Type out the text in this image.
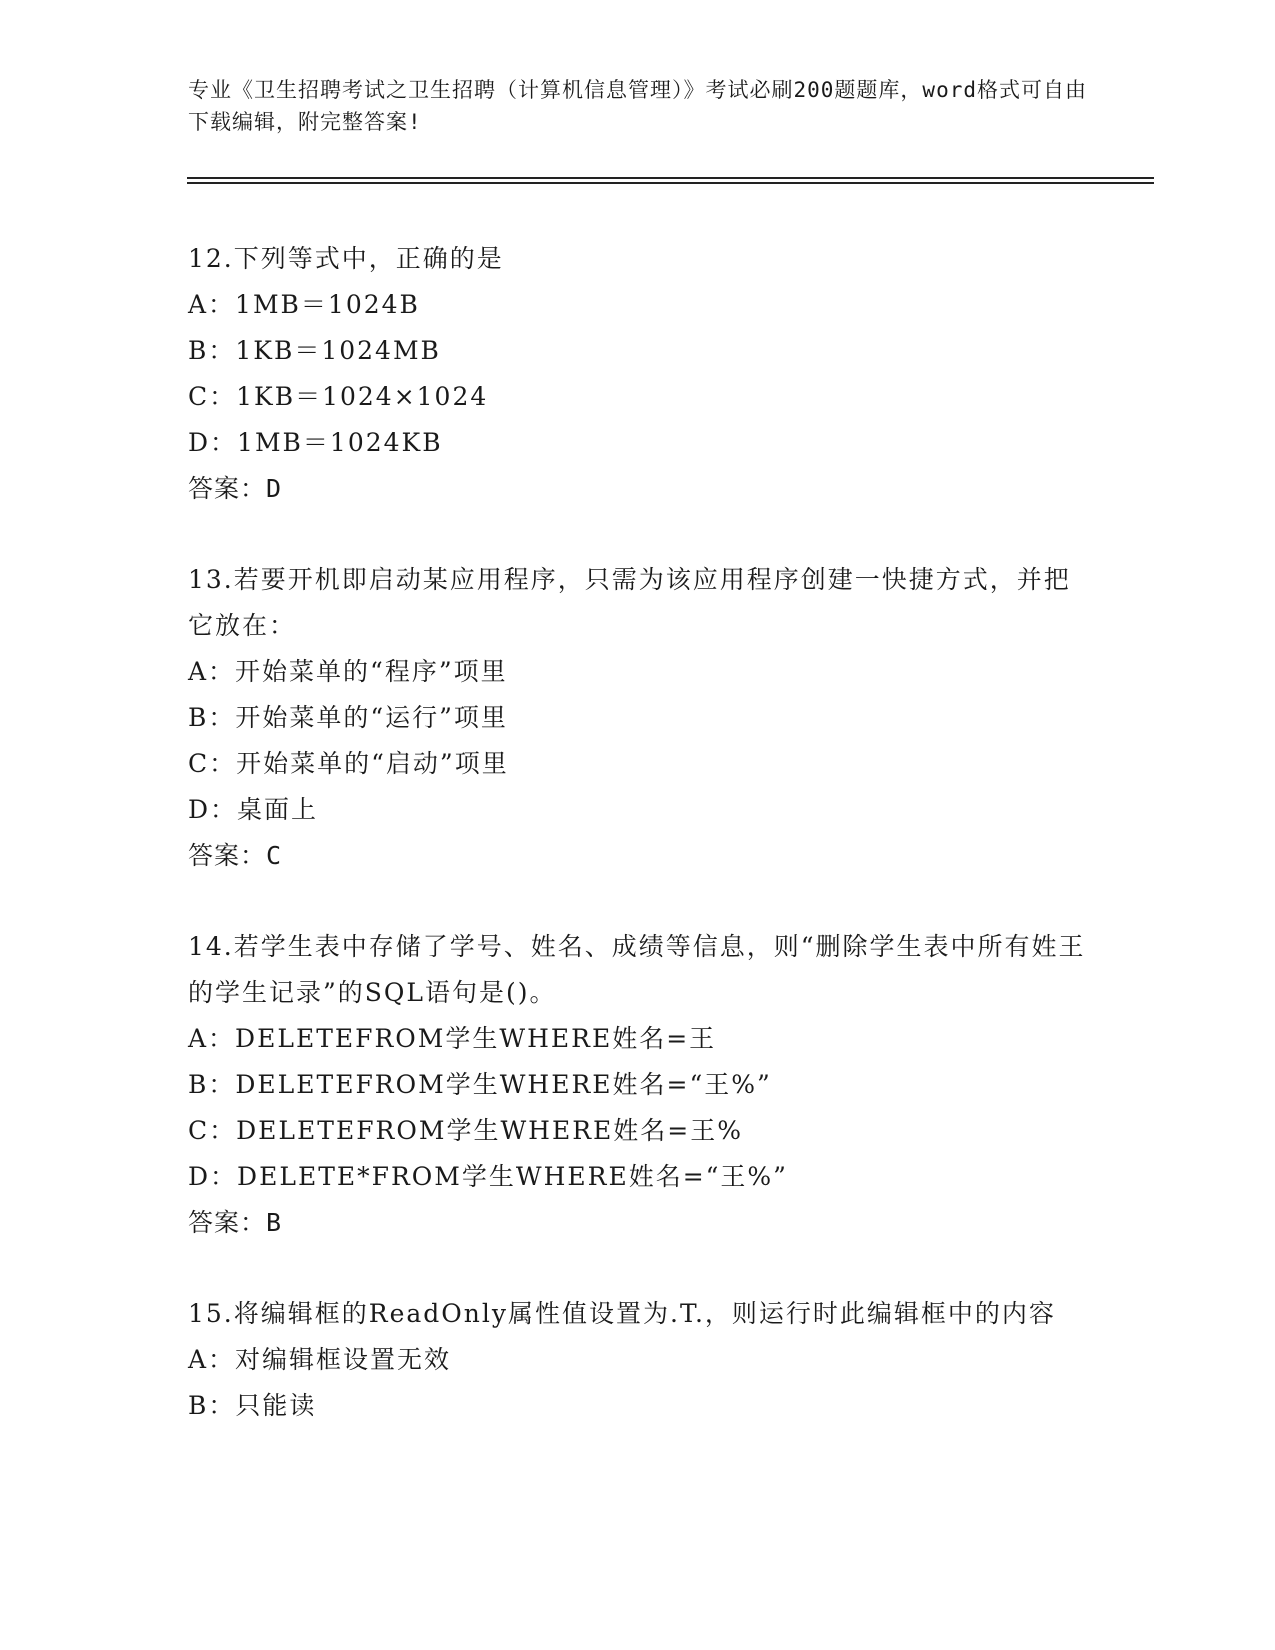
专业《卫生招聘考试之卫生招聘（计算机信息管理）》考试必刷200题题库，word格式可自由下载编辑，附完整答案!
12.下列等式中，正确的是
A：1MB＝1024B
B：1KB＝1024MB
C：1KB＝1024×1024
D：1MB＝1024KB
答案：D
13.若要开机即启动某应用程序，只需为该应用程序创建一快捷方式，并把它放在：
A：开始菜单的“程序”项里
B：开始菜单的“运行”项里
C：开始菜单的“启动”项里
D：桌面上
答案：C
14.若学生表中存储了学号、姓名、成绩等信息，则“删除学生表中所有姓王的学生记录”的SQL语句是()。
A：DELETEFROM学生WHERE姓名=王
B：DELETEFROM学生WHERE姓名=“王%”
C：DELETEFROM学生WHERE姓名=王%
D：DELETE*FROM学生WHERE姓名=“王%”
答案：B
15.将编辑框的ReadOnly属性值设置为.T.，则运行时此编辑框中的内容
A：对编辑框设置无效
B：只能读
